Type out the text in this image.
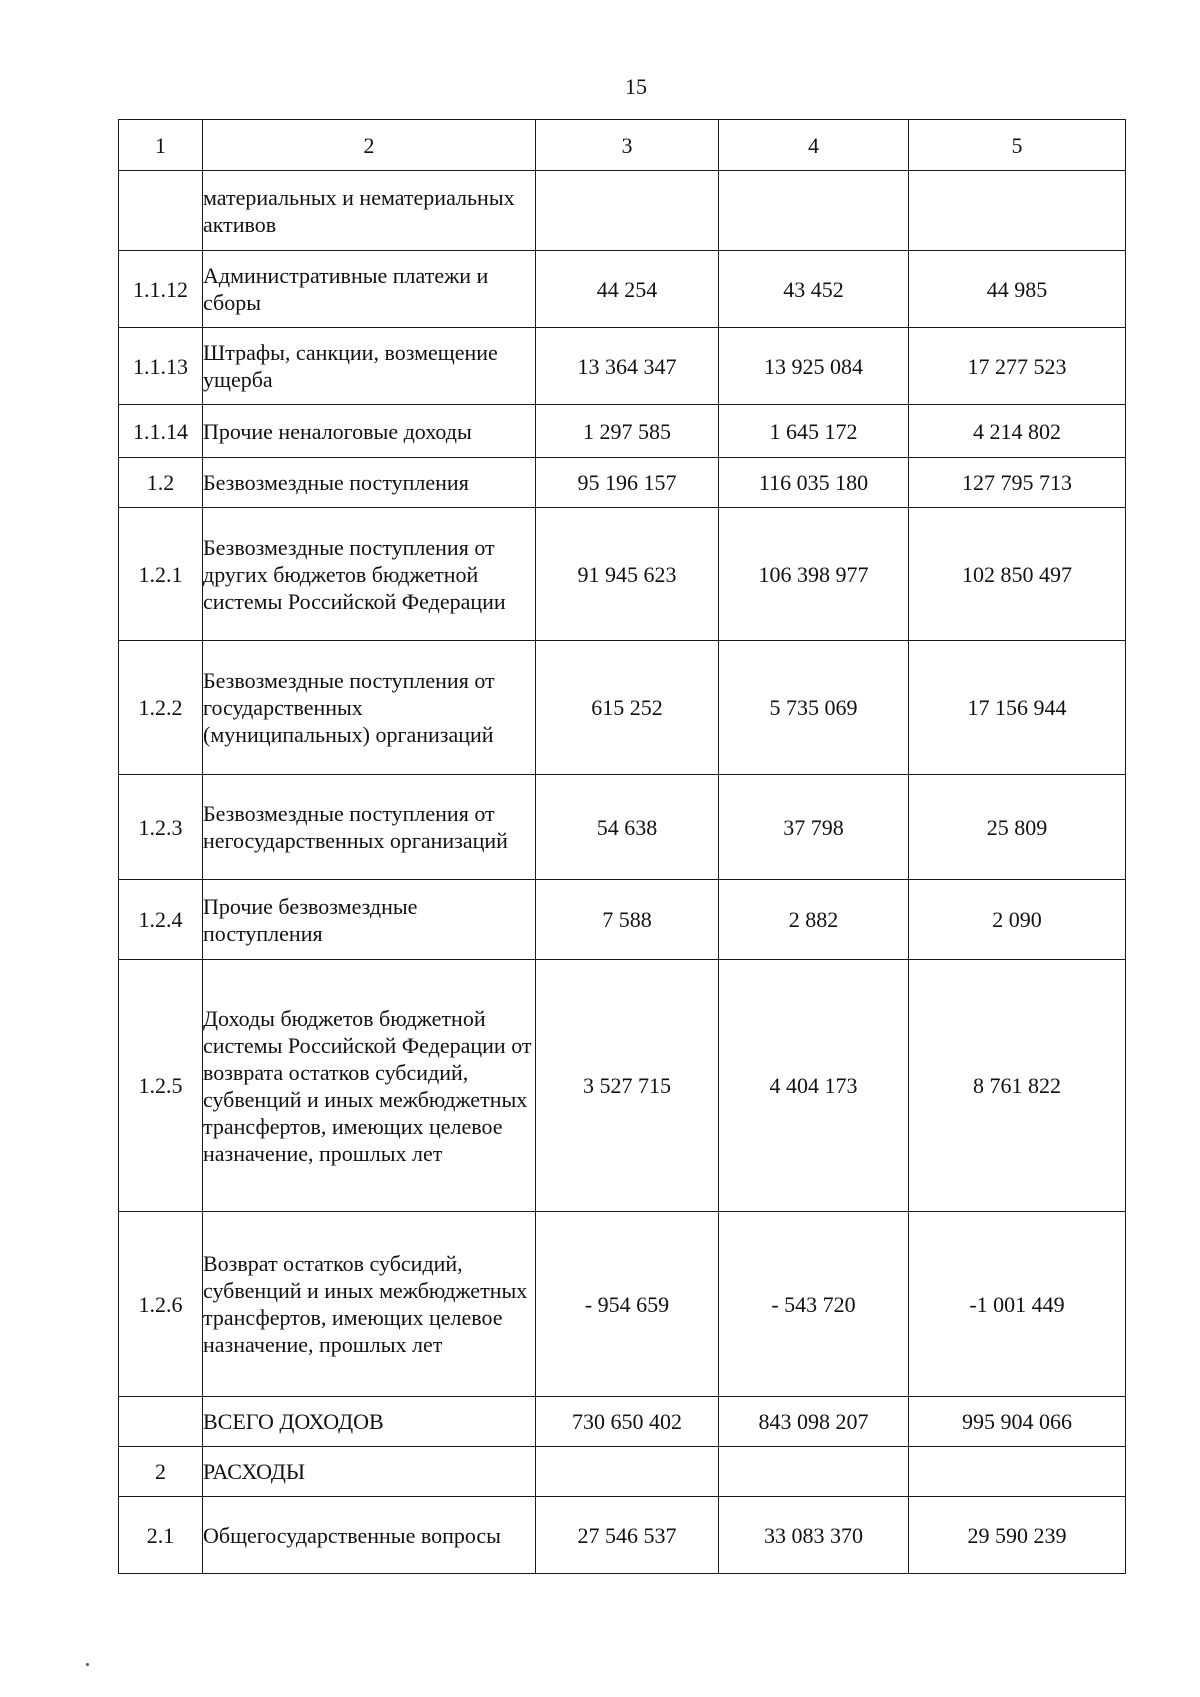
15
1	2	3	4	5
	материальных и нематериальных активов			
1.1.12	Административные платежи и сборы	44 254	43 452	44 985
1.1.13	Штрафы, санкции, возмещение ущерба	13 364 347	13 925 084	17 277 523
1.1.14	Прочие неналоговые доходы	1 297 585	1 645 172	4 214 802
1.2	Безвозмездные поступления	95 196 157	116 035 180	127 795 713
1.2.1	Безвозмездные поступления от других бюджетов бюджетной системы Российской Федерации	91 945 623	106 398 977	102 850 497
1.2.2	Безвозмездные поступления от государственных (муниципальных) организаций	615 252	5 735 069	17 156 944
1.2.3	Безвозмездные поступления от негосударственных организаций	54 638	37 798	25 809
1.2.4	Прочие безвозмездные поступления	7 588	2 882	2 090
1.2.5	Доходы бюджетов бюджетной системы Российской Федерации от возврата остатков субсидий, субвенций и иных межбюджетных трансфертов, имеющих целевое назначение, прошлых лет	3 527 715	4 404 173	8 761 822
1.2.6	Возврат остатков субсидий, субвенций и иных межбюджетных трансфертов, имеющих целевое назначение, прошлых лет	- 954 659	- 543 720	-1 001 449
	ВСЕГО ДОХОДОВ	730 650 402	843 098 207	995 904 066
2	РАСХОДЫ			
2.1	Общегосударственные вопросы	27 546 537	33 083 370	29 590 239
